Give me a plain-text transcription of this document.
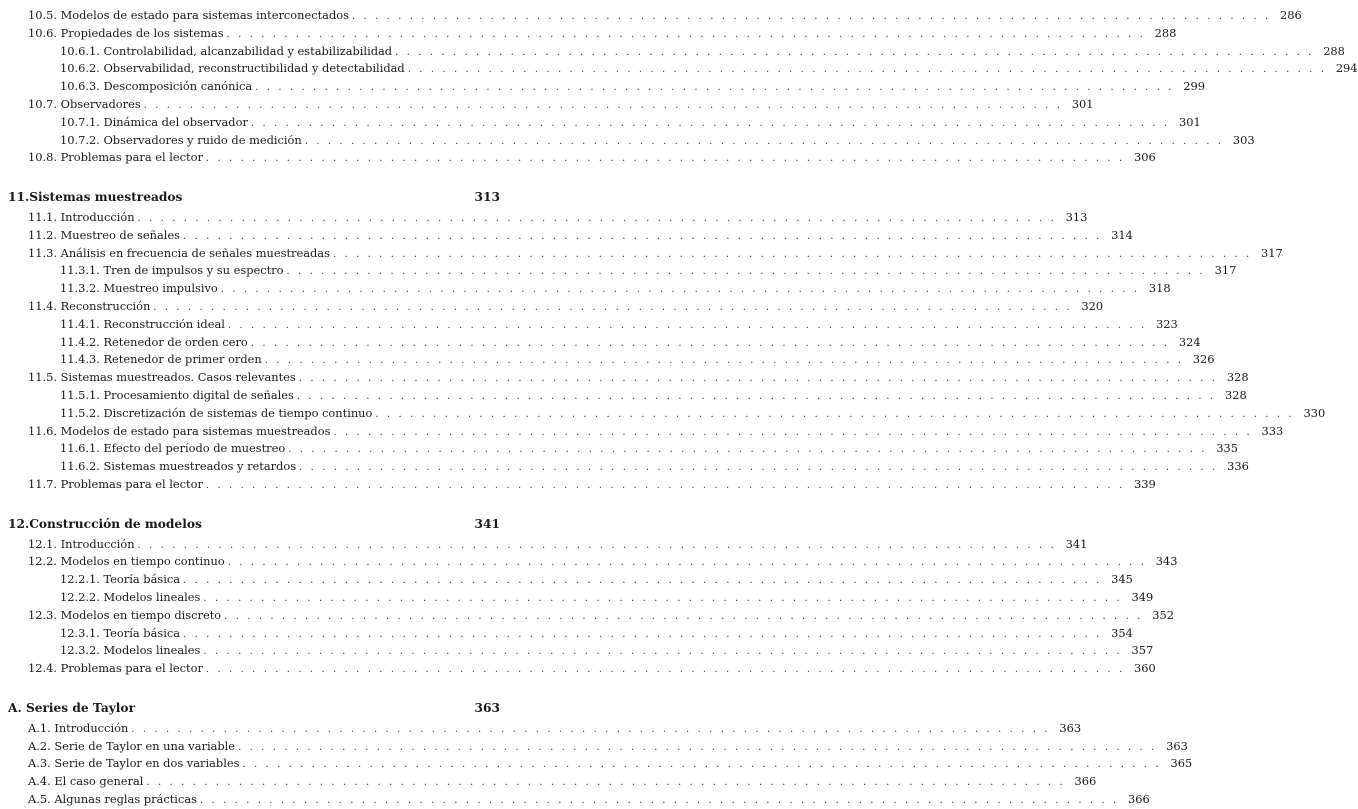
10.5. Modelos de estado para sistemas interconectados . . . . . . . . . . . . . . . . . . . . . . . . . . . . . . . . . . . . . . . . . . . . . . . . . . . . . . . . . . . . . . . . . . . . . . . . . . . . . . . . 286
10.6. Propiedades de los sistemas . . . . . . . . . . . . . . . . . . . . . . . . . . . . . . . . . . . . . . . . . . . . . . . . . . . . . . . . . . . . . . . . . . . . . . . . . . . . . . . . 288
10.6.1. Controlabilidad, alcanzabilidad y estabilizabilidad . . . . . . . . . . . . . . . . . . . . . . . . . . . . . . . . . . . . . . . . . . . . . . . . . . . . . . . . . . . . . . . . . . . . . . . . . . . . . . . . 288
10.6.2. Observabilidad, reconstructibilidad y detectabilidad . . . . . . . . . . . . . . . . . . . . . . . . . . . . . . . . . . . . . . . . . . . . . . . . . . . . . . . . . . . . . . . . . . . . . . . . . . . . . . . . 294
10.6.3. Descomposición canónica . . . . . . . . . . . . . . . . . . . . . . . . . . . . . . . . . . . . . . . . . . . . . . . . . . . . . . . . . . . . . . . . . . . . . . . . . . . . . . . . 299
10.7. Observadores . . . . . . . . . . . . . . . . . . . . . . . . . . . . . . . . . . . . . . . . . . . . . . . . . . . . . . . . . . . . . . . . . . . . . . . . . . . . . . . . 301
10.7.1. Dinámica del observador . . . . . . . . . . . . . . . . . . . . . . . . . . . . . . . . . . . . . . . . . . . . . . . . . . . . . . . . . . . . . . . . . . . . . . . . . . . . . . . . 301
10.7.2. Observadores y ruido de medición . . . . . . . . . . . . . . . . . . . . . . . . . . . . . . . . . . . . . . . . . . . . . . . . . . . . . . . . . . . . . . . . . . . . . . . . . . . . . . . . 303
10.8. Problemas para el lector . . . . . . . . . . . . . . . . . . . . . . . . . . . . . . . . . . . . . . . . . . . . . . . . . . . . . . . . . . . . . . . . . . . . . . . . . . . . . . . . 306
11.Sistemas muestreados	313
11.1. Introducción . . . . . . . . . . . . . . . . . . . . . . . . . . . . . . . . . . . . . . . . . . . . . . . . . . . . . . . . . . . . . . . . . . . . . . . . . . . . . . . . 313
11.2. Muestreo de señales . . . . . . . . . . . . . . . . . . . . . . . . . . . . . . . . . . . . . . . . . . . . . . . . . . . . . . . . . . . . . . . . . . . . . . . . . . . . . . . . 314
11.3. Análisis en frecuencia de señales muestreadas . . . . . . . . . . . . . . . . . . . . . . . . . . . . . . . . . . . . . . . . . . . . . . . . . . . . . . . . . . . . . . . . . . . . . . . . . . . . . . . . 317
11.3.1. Tren de impulsos y su espectro . . . . . . . . . . . . . . . . . . . . . . . . . . . . . . . . . . . . . . . . . . . . . . . . . . . . . . . . . . . . . . . . . . . . . . . . . . . . . . . . 317
11.3.2. Muestreo impulsivo . . . . . . . . . . . . . . . . . . . . . . . . . . . . . . . . . . . . . . . . . . . . . . . . . . . . . . . . . . . . . . . . . . . . . . . . . . . . . . . . 318
11.4. Reconstrucción . . . . . . . . . . . . . . . . . . . . . . . . . . . . . . . . . . . . . . . . . . . . . . . . . . . . . . . . . . . . . . . . . . . . . . . . . . . . . . . . 320
11.4.1. Reconstrucción ideal . . . . . . . . . . . . . . . . . . . . . . . . . . . . . . . . . . . . . . . . . . . . . . . . . . . . . . . . . . . . . . . . . . . . . . . . . . . . . . . . 323
11.4.2. Retenedor de orden cero . . . . . . . . . . . . . . . . . . . . . . . . . . . . . . . . . . . . . . . . . . . . . . . . . . . . . . . . . . . . . . . . . . . . . . . . . . . . . . . . 324
11.4.3. Retenedor de primer orden . . . . . . . . . . . . . . . . . . . . . . . . . . . . . . . . . . . . . . . . . . . . . . . . . . . . . . . . . . . . . . . . . . . . . . . . . . . . . . . . 326
11.5. Sistemas muestreados. Casos relevantes . . . . . . . . . . . . . . . . . . . . . . . . . . . . . . . . . . . . . . . . . . . . . . . . . . . . . . . . . . . . . . . . . . . . . . . . . . . . . . . . 328
11.5.1. Procesamiento digital de señales . . . . . . . . . . . . . . . . . . . . . . . . . . . . . . . . . . . . . . . . . . . . . . . . . . . . . . . . . . . . . . . . . . . . . . . . . . . . . . . . 328
11.5.2. Discretización de sistemas de tiempo continuo . . . . . . . . . . . . . . . . . . . . . . . . . . . . . . . . . . . . . . . . . . . . . . . . . . . . . . . . . . . . . . . . . . . . . . . . . . . . . . . . 330
11.6. Modelos de estado para sistemas muestreados . . . . . . . . . . . . . . . . . . . . . . . . . . . . . . . . . . . . . . . . . . . . . . . . . . . . . . . . . . . . . . . . . . . . . . . . . . . . . . . . 333
11.6.1. Efecto del período de muestreo . . . . . . . . . . . . . . . . . . . . . . . . . . . . . . . . . . . . . . . . . . . . . . . . . . . . . . . . . . . . . . . . . . . . . . . . . . . . . . . . 335
11.6.2. Sistemas muestreados y retardos . . . . . . . . . . . . . . . . . . . . . . . . . . . . . . . . . . . . . . . . . . . . . . . . . . . . . . . . . . . . . . . . . . . . . . . . . . . . . . . . 336
11.7. Problemas para el lector . . . . . . . . . . . . . . . . . . . . . . . . . . . . . . . . . . . . . . . . . . . . . . . . . . . . . . . . . . . . . . . . . . . . . . . . . . . . . . . . 339
12.Construcción de modelos	341
12.1. Introducción . . . . . . . . . . . . . . . . . . . . . . . . . . . . . . . . . . . . . . . . . . . . . . . . . . . . . . . . . . . . . . . . . . . . . . . . . . . . . . . . 341
12.2. Modelos en tiempo continuo . . . . . . . . . . . . . . . . . . . . . . . . . . . . . . . . . . . . . . . . . . . . . . . . . . . . . . . . . . . . . . . . . . . . . . . . . . . . . . . . 343
12.2.1. Teoría básica . . . . . . . . . . . . . . . . . . . . . . . . . . . . . . . . . . . . . . . . . . . . . . . . . . . . . . . . . . . . . . . . . . . . . . . . . . . . . . . . 345
12.2.2. Modelos lineales . . . . . . . . . . . . . . . . . . . . . . . . . . . . . . . . . . . . . . . . . . . . . . . . . . . . . . . . . . . . . . . . . . . . . . . . . . . . . . . . 349
12.3. Modelos en tiempo discreto . . . . . . . . . . . . . . . . . . . . . . . . . . . . . . . . . . . . . . . . . . . . . . . . . . . . . . . . . . . . . . . . . . . . . . . . . . . . . . . . 352
12.3.1. Teoría básica . . . . . . . . . . . . . . . . . . . . . . . . . . . . . . . . . . . . . . . . . . . . . . . . . . . . . . . . . . . . . . . . . . . . . . . . . . . . . . . . 354
12.3.2. Modelos lineales . . . . . . . . . . . . . . . . . . . . . . . . . . . . . . . . . . . . . . . . . . . . . . . . . . . . . . . . . . . . . . . . . . . . . . . . . . . . . . . . 357
12.4. Problemas para el lector . . . . . . . . . . . . . . . . . . . . . . . . . . . . . . . . . . . . . . . . . . . . . . . . . . . . . . . . . . . . . . . . . . . . . . . . . . . . . . . . 360
A. Series de Taylor	363
A.1. Introducción . . . . . . . . . . . . . . . . . . . . . . . . . . . . . . . . . . . . . . . . . . . . . . . . . . . . . . . . . . . . . . . . . . . . . . . . . . . . . . . . 363
A.2. Serie de Taylor en una variable . . . . . . . . . . . . . . . . . . . . . . . . . . . . . . . . . . . . . . . . . . . . . . . . . . . . . . . . . . . . . . . . . . . . . . . . . . . . . . . . 363
A.3. Serie de Taylor en dos variables . . . . . . . . . . . . . . . . . . . . . . . . . . . . . . . . . . . . . . . . . . . . . . . . . . . . . . . . . . . . . . . . . . . . . . . . . . . . . . . . 365
A.4. El caso general . . . . . . . . . . . . . . . . . . . . . . . . . . . . . . . . . . . . . . . . . . . . . . . . . . . . . . . . . . . . . . . . . . . . . . . . . . . . . . . . 366
A.5. Algunas reglas prácticas . . . . . . . . . . . . . . . . . . . . . . . . . . . . . . . . . . . . . . . . . . . . . . . . . . . . . . . . . . . . . . . . . . . . . . . . . . . . . . . . 366
